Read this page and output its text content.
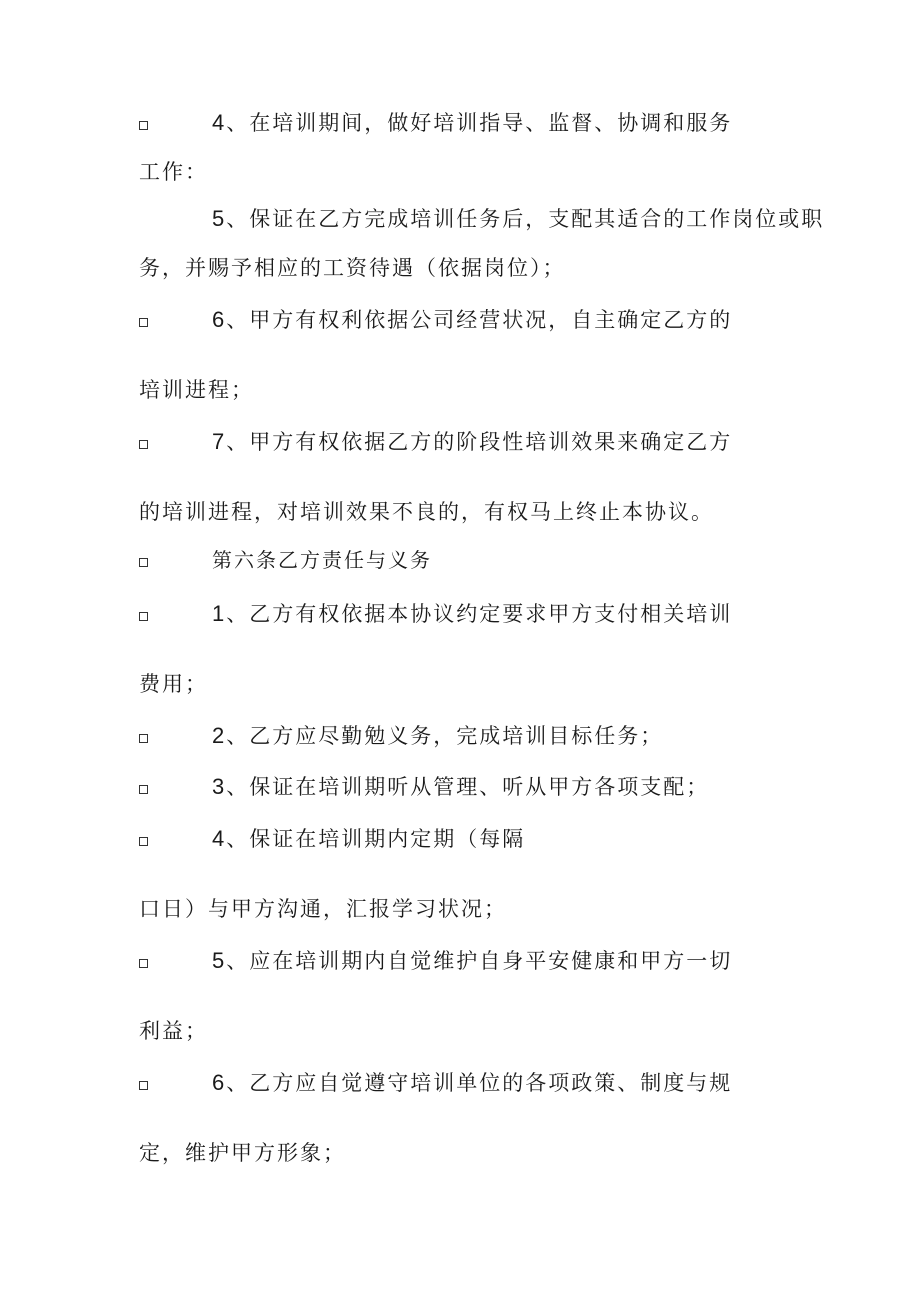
4、在培训期间，做好培训指导、监督、协调和服务
工作：
5、保证在乙方完成培训任务后，支配其适合的工作岗位或职
务，并赐予相应的工资待遇（依据岗位）；
6、甲方有权利依据公司经营状况，自主确定乙方的
培训进程；
7、甲方有权依据乙方的阶段性培训效果来确定乙方
的培训进程，对培训效果不良的，有权马上终止本协议。
第六条乙方责任与义务
1、乙方有权依据本协议约定要求甲方支付相关培训
费用；
2、乙方应尽勤勉义务，完成培训目标任务；
3、保证在培训期听从管理、听从甲方各项支配；
4、保证在培训期内定期（每隔
口日）与甲方沟通，汇报学习状况；
5、应在培训期内自觉维护自身平安健康和甲方一切
利益；
6、乙方应自觉遵守培训单位的各项政策、制度与规
定，维护甲方形象；
